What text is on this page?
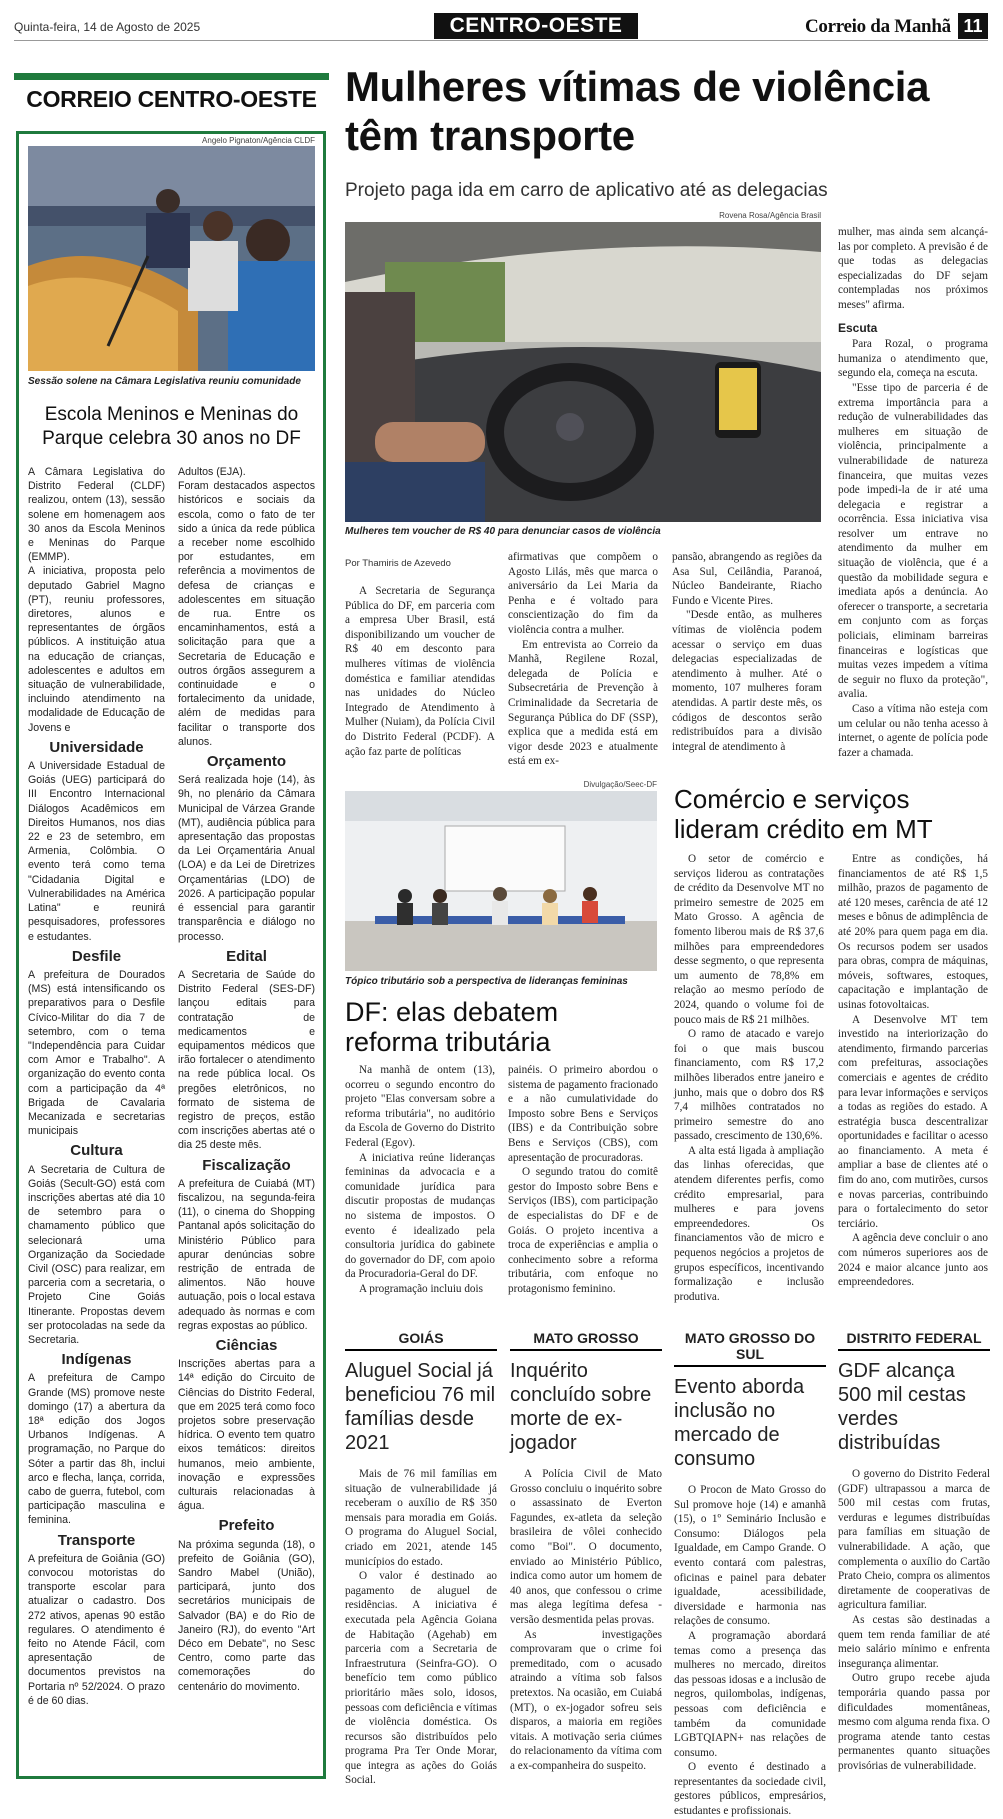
Quinta-feira, 14 de Agosto de 2025	CENTRO-OESTE	Correio da Manhã 11
CORREIO CENTRO-OESTE
Angelo Pignaton/Agência CLDF
Sessão solene na Câmara Legislativa reuniu comunidade
Escola Meninos e Meninas do Parque celebra 30 anos no DF

A Câmara Legislativa do Distrito Federal (CLDF) realizou, ontem (13), sessão solene em homenagem aos 30 anos da Escola Meninos e Meninas do Parque (EMMP).

A iniciativa, proposta pelo deputado Gabriel Magno (PT), reuniu professores, diretores, alunos e representantes de órgãos públicos. A instituição atua na educação de crianças, adolescentes e adultos em situação de vulnerabilidade, incluindo atendimento na modalidade de Educação de Jovens e

Universidade

A Universidade Estadual de Goiás (UEG) participará do III Encontro Internacional Diálogos Acadêmicos em Direitos Humanos, nos dias 22 e 23 de setembro, em Armenia, Colômbia. O evento terá como tema "Cidadania Digital e Vulnerabilidades na América Latina" e reunirá pesquisadores, professores e estudantes.

Desfile

A prefeitura de Dourados (MS) está intensificando os preparativos para o Desfile Cívico-Militar do dia 7 de setembro, com o tema "Independência para Cuidar com Amor e Trabalho". A organização do evento conta com a participação da 4ª Brigada de Cavalaria Mecanizada e secretarias municipais

Cultura

A Secretaria de Cultura de Goiás (Secult-GO) está com inscrições abertas até dia 10 de setembro para o chamamento público que selecionará uma Organização da Sociedade Civil (OSC) para realizar, em parceria com a secretaria, o Projeto Cine Goiás Itinerante. Propostas devem ser protocoladas na sede da Secretaria.

Indígenas

A prefeitura de Campo Grande (MS) promove neste domingo (17) a abertura da 18ª edição dos Jogos Urbanos Indígenas. A programação, no Parque do Sóter a partir das 8h, inclui arco e flecha, lança, corrida, cabo de guerra, futebol, com participação masculina e feminina.

Transporte

A prefeitura de Goiânia (GO) convocou motoristas do transporte escolar para atualizar o cadastro. Dos 272 ativos, apenas 90 estão regulares. O atendimento é feito no Atende Fácil, com apresentação de documentos previstos na Portaria nº 52/2024. O prazo é de 60 dias.

Adultos (EJA).

Foram destacados aspectos históricos e sociais da escola, como o fato de ter sido a única da rede pública a receber nome escolhido por estudantes, em referência a movimentos de defesa de crianças e adolescentes em situação de rua. Entre os encaminhamentos, está a solicitação para que a Secretaria de Educação e outros órgãos assegurem a continuidade e o fortalecimento da unidade, além de medidas para facilitar o transporte dos alunos.

Orçamento

Será realizada hoje (14), às 9h, no plenário da Câmara Municipal de Várzea Grande (MT), audiência pública para apresentação das propostas da Lei Orçamentária Anual (LOA) e da Lei de Diretrizes Orçamentárias (LDO) de 2026. A participação popular é essencial para garantir transparência e diálogo no processo.

Edital

A Secretaria de Saúde do Distrito Federal (SES-DF) lançou editais para contratação de medicamentos e equipamentos médicos que irão fortalecer o atendimento na rede pública local. Os pregões eletrônicos, no formato de sistema de registro de preços, estão com inscrições abertas até o dia 25 deste mês.

Fiscalização

A prefeitura de Cuiabá (MT) fiscalizou, na segunda-feira (11), o cinema do Shopping Pantanal após solicitação do Ministério Público para apurar denúncias sobre restrição de entrada de alimentos. Não houve autuação, pois o local estava adequado às normas e com regras expostas ao público.

Ciências

Inscrições abertas para a 14ª edição do Circuito de Ciências do Distrito Federal, que em 2025 terá como foco projetos sobre preservação hídrica. O evento tem quatro eixos temáticos: direitos humanos, meio ambiente, inovação e expressões culturais relacionadas à água.

Prefeito

Na próxima segunda (18), o prefeito de Goiânia (GO), Sandro Mabel (União), participará, junto dos secretários municipais de Salvador (BA) e do Rio de Janeiro (RJ), do evento "Art Déco em Debate", no Sesc Centro, como parte das comemorações do centenário do movimento.

Mulheres vítimas de violência têm transporte
Projeto paga ida em carro de aplicativo até as delegacias
Rovena Rosa/Agência Brasil
Mulheres tem voucher de R$ 40 para denunciar casos de violência
Por Thamiris de Azevedo

A Secretaria de Segurança Pública do DF, em parceria com a empresa Uber Brasil, está disponibilizando um voucher de R$ 40 em desconto para mulheres vítimas de violência doméstica e familiar atendidas nas unidades do Núcleo Integrado de Atendimento à Mulher (Nuiam), da Polícia Civil do Distrito Federal (PCDF). A ação faz parte de políticas

afirmativas que compõem o Agosto Lilás, mês que marca o aniversário da Lei Maria da Penha e é voltado para conscientização do fim da violência contra a mulher.

Em entrevista ao Correio da Manhã, Regilene Rozal, delegada de Polícia e Subsecretária de Prevenção à Criminalidade da Secretaria de Segurança Pública do DF (SSP), explica que a medida está em vigor desde 2023 e atualmente está em ex-

pansão, abrangendo as regiões da Asa Sul, Ceilândia, Paranoá, Núcleo Bandeirante, Riacho Fundo e Vicente Pires.

"Desde então, as mulheres vítimas de violência podem acessar o serviço em duas delegacias especializadas de atendimento à mulher. Até o momento, 107 mulheres foram atendidas. A partir deste mês, os códigos de descontos serão redistribuídos para a divisão integral de atendimento à

mulher, mas ainda sem alcançá-las por completo. A previsão é de que todas as delegacias especializadas do DF sejam contempladas nos próximos meses" afirma.

Escuta

Para Rozal, o programa humaniza o atendimento que, segundo ela, começa na escuta.

"Esse tipo de parceria é de extrema importância para a redução de vulnerabilidades das mulheres em situação de violência, principalmente a vulnerabilidade de natureza financeira, que muitas vezes pode impedi-la de ir até uma delegacia e registrar a ocorrência. Essa iniciativa visa resolver um entrave no atendimento da mulher em situação de violência, que é a questão da mobilidade segura e imediata após a denúncia. Ao oferecer o transporte, a secretaria em conjunto com as forças policiais, eliminam barreiras financeiras e logísticas que muitas vezes impedem a vítima de seguir no fluxo da proteção", avalia.

Caso a vítima não esteja com um celular ou não tenha acesso à internet, o agente de polícia pode fazer a chamada.

Divulgação/Seec-DF
Tópico tributário sob a perspectiva de lideranças femininas
DF: elas debatem reforma tributária

Na manhã de ontem (13), ocorreu o segundo encontro do projeto "Elas conversam sobre a reforma tributária", no auditório da Escola de Governo do Distrito Federal (Egov).

A iniciativa reúne lideranças femininas da advocacia e a comunidade jurídica para discutir propostas de mudanças no sistema de impostos. O evento é idealizado pela consultoria jurídica do gabinete do governador do DF, com apoio da Procuradoria-Geral do DF.

A programação incluiu dois

painéis. O primeiro abordou o sistema de pagamento fracionado e a não cumulatividade do Imposto sobre Bens e Serviços (IBS) e da Contribuição sobre Bens e Serviços (CBS), com apresentação de procuradoras.

O segundo tratou do comitê gestor do Imposto sobre Bens e Serviços (IBS), com participação de especialistas do DF e de Goiás. O projeto incentiva a troca de experiências e amplia o conhecimento sobre a reforma tributária, com enfoque no protagonismo feminino.

Comércio e serviços lideram crédito em MT

O setor de comércio e serviços liderou as contratações de crédito da Desenvolve MT no primeiro semestre de 2025 em Mato Grosso. A agência de fomento liberou mais de R$ 37,6 milhões para empreendedores desse segmento, o que representa um aumento de 78,8% em relação ao mesmo período de 2024, quando o volume foi de pouco mais de R$ 21 milhões.

O ramo de atacado e varejo foi o que mais buscou financiamento, com R$ 17,2 milhões liberados entre janeiro e junho, mais que o dobro dos R$ 7,4 milhões contratados no primeiro semestre do ano passado, crescimento de 130,6%.

A alta está ligada à ampliação das linhas oferecidas, que atendem diferentes perfis, como crédito empresarial, para mulheres e para jovens empreendedores. Os financiamentos vão de micro e pequenos negócios a projetos de grupos específicos, incentivando formalização e inclusão produtiva.

Entre as condições, há financiamentos de até R$ 1,5 milhão, prazos de pagamento de até 120 meses, carência de até 12 meses e bônus de adimplência de até 20% para quem paga em dia. Os recursos podem ser usados para obras, compra de máquinas, móveis, softwares, estoques, capacitação e implantação de usinas fotovoltaicas.

A Desenvolve MT tem investido na interiorização do atendimento, firmando parcerias com prefeituras, associações comerciais e agentes de crédito para levar informações e serviços a todas as regiões do estado. A estratégia busca descentralizar oportunidades e facilitar o acesso ao financiamento. A meta é ampliar a base de clientes até o fim do ano, com mutirões, cursos e novas parcerias, contribuindo para o fortalecimento do setor terciário.

A agência deve concluir o ano com números superiores aos de 2024 e maior alcance junto aos empreendedores.

GOIÁS
Aluguel Social já beneficiou 76 mil famílias desde 2021

Mais de 76 mil famílias em situação de vulnerabilidade já receberam o auxílio de R$ 350 mensais para moradia em Goiás. O programa do Aluguel Social, criado em 2021, atende 145 municípios do estado.

O valor é destinado ao pagamento de aluguel de residências. A iniciativa é executada pela Agência Goiana de Habitação (Agehab) em parceria com a Secretaria de Infraestrutura (Seinfra-GO). O benefício tem como público prioritário mães solo, idosos, pessoas com deficiência e vítimas de violência doméstica. Os recursos são distribuídos pelo programa Pra Ter Onde Morar, que integra as ações do Goiás Social.

MATO GROSSO
Inquérito concluído sobre morte de ex-jogador

A Polícia Civil de Mato Grosso concluiu o inquérito sobre o assassinato de Everton Fagundes, ex-atleta da seleção brasileira de vôlei conhecido como "Boi". O documento, enviado ao Ministério Público, indica como autor um homem de 40 anos, que confessou o crime mas alega legítima defesa - versão desmentida pelas provas.

As investigações comprovaram que o crime foi premeditado, com o acusado atraindo a vítima sob falsos pretextos. Na ocasião, em Cuiabá (MT), o ex-jogador sofreu seis disparos, a maioria em regiões vitais. A motivação seria ciúmes do relacionamento da vítima com a ex-companheira do suspeito.

MATO GROSSO DO SUL
Evento aborda inclusão no mercado de consumo

O Procon de Mato Grosso do Sul promove hoje (14) e amanhã (15), o 1º Seminário Inclusão e Consumo: Diálogos pela Igualdade, em Campo Grande. O evento contará com palestras, oficinas e painel para debater igualdade, acessibilidade, diversidade e harmonia nas relações de consumo.

A programação abordará temas como a presença das mulheres no mercado, direitos das pessoas idosas e a inclusão de negros, quilombolas, indígenas, pessoas com deficiência e também da comunidade LGBTQIAPN+ nas relações de consumo.

O evento é destinado a representantes da sociedade civil, gestores públicos, empresários, estudantes e profissionais.

DISTRITO FEDERAL
GDF alcança 500 mil cestas verdes distribuídas

O governo do Distrito Federal (GDF) ultrapassou a marca de 500 mil cestas com frutas, verduras e legumes distribuídas para famílias em situação de vulnerabilidade. A ação, que complementa o auxílio do Cartão Prato Cheio, compra os alimentos diretamente de cooperativas de agricultura familiar.

As cestas são destinadas a quem tem renda familiar de até meio salário mínimo e enfrenta insegurança alimentar.

Outro grupo recebe ajuda temporária quando passa por dificuldades momentâneas, mesmo com alguma renda fixa. O programa atende tanto cestas permanentes quanto situações provisórias de vulnerabilidade.
